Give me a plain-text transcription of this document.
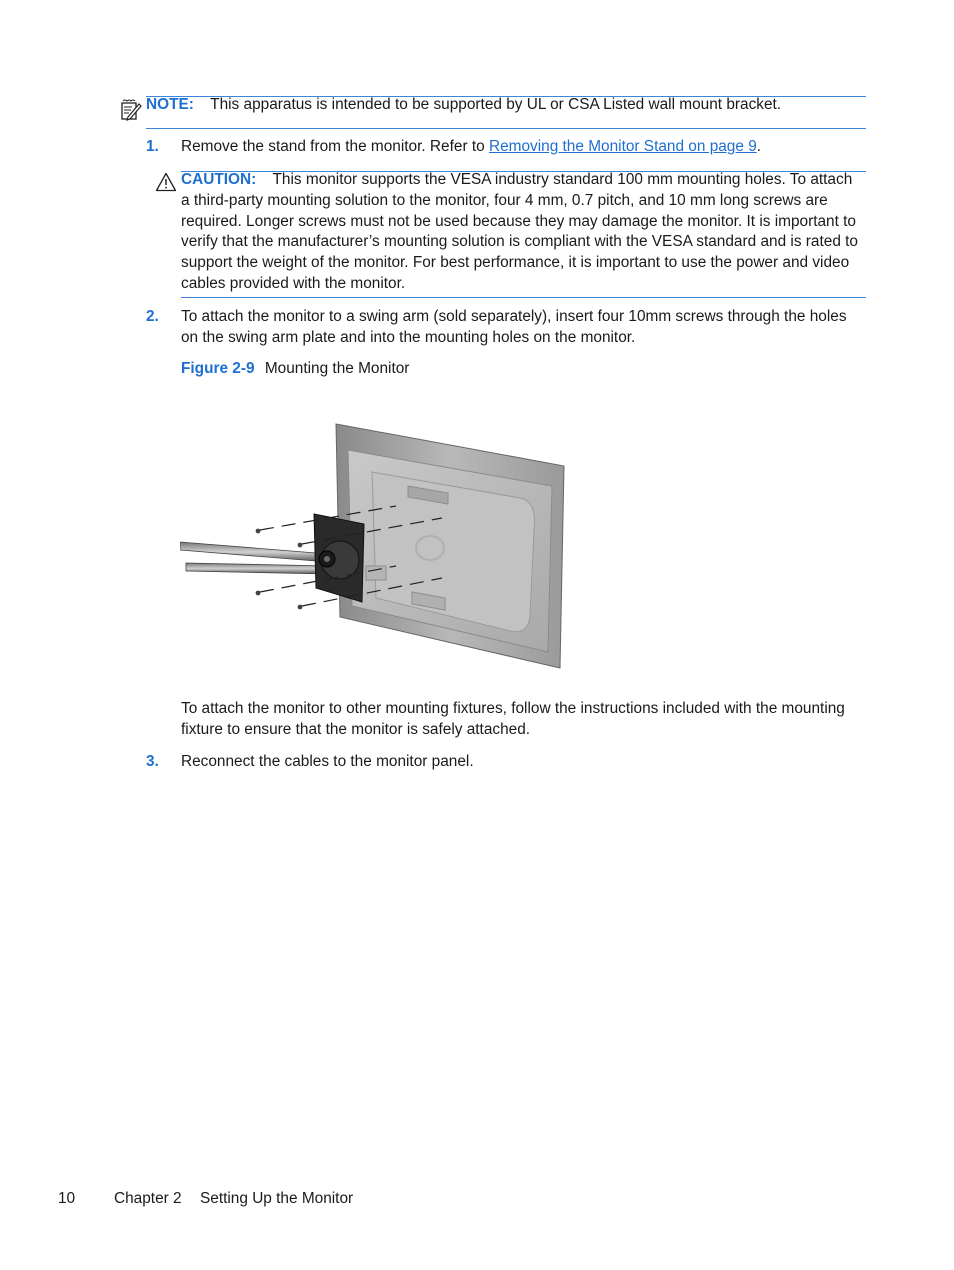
NOTE: This apparatus is intended to be supported by UL or CSA Listed wall mount bracket.
1. Remove the stand from the monitor. Refer to Removing the Monitor Stand on page 9.
CAUTION: This monitor supports the VESA industry standard 100 mm mounting holes. To attach a third-party mounting solution to the monitor, four 4 mm, 0.7 pitch, and 10 mm long screws are required. Longer screws must not be used because they may damage the monitor. It is important to verify that the manufacturer’s mounting solution is compliant with the VESA standard and is rated to support the weight of the monitor. For best performance, it is important to use the power and video cables provided with the monitor.
2. To attach the monitor to a swing arm (sold separately), insert four 10mm screws through the holes on the swing arm plate and into the mounting holes on the monitor.
Figure 2-9 Mounting the Monitor
To attach the monitor to other mounting fixtures, follow the instructions included with the mounting fixture to ensure that the monitor is safely attached.
3. Reconnect the cables to the monitor panel.
10	Chapter 2 Setting Up the Monitor
